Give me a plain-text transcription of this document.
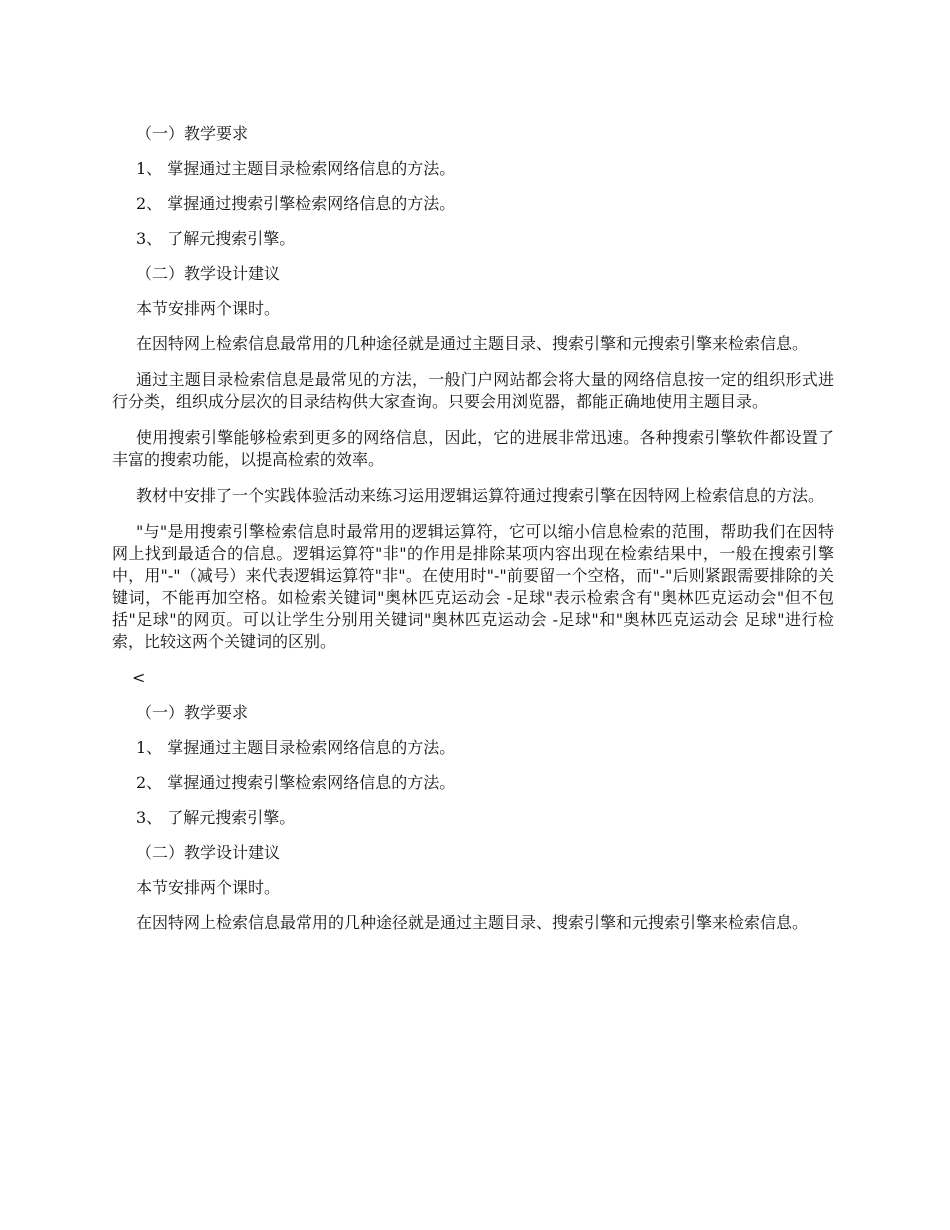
（一）教学要求

1、 掌握通过主题目录检索网络信息的方法。

2、 掌握通过搜索引擎检索网络信息的方法。

3、 了解元搜索引擎。

（二）教学设计建议

本节安排两个课时。

在因特网上检索信息最常用的几种途径就是通过主题目录、搜索引擎和元搜索引擎来检索信息。

通过主题目录检索信息是最常见的方法，一般门户网站都会将大量的网络信息按一定的组织形式进行分类，组织成分层次的目录结构供大家查询。只要会用浏览器，都能正确地使用主题目录。

使用搜索引擎能够检索到更多的网络信息，因此，它的进展非常迅速。各种搜索引擎软件都设置了丰富的搜索功能，以提高检索的效率。

教材中安排了一个实践体验活动来练习运用逻辑运算符通过搜索引擎在因特网上检索信息的方法。

"与"是用搜索引擎检索信息时最常用的逻辑运算符，它可以缩小信息检索的范围，帮助我们在因特网上找到最适合的信息。逻辑运算符"非"的作用是排除某项内容出现在检索结果中，一般在搜索引擎中，用"-"（减号）来代表逻辑运算符"非"。在使用时"-"前要留一个空格，而"-"后则紧跟需要排除的关键词，不能再加空格。如检索关键词"奥林匹克运动会 -足球"表示检索含有"奥林匹克运动会"但不包括"足球"的网页。可以让学生分别用关键词"奥林匹克运动会 -足球"和"奥林匹克运动会 足球"进行检索，比较这两个关键词的区别。

<

（一）教学要求

1、 掌握通过主题目录检索网络信息的方法。

2、 掌握通过搜索引擎检索网络信息的方法。

3、 了解元搜索引擎。

（二）教学设计建议

本节安排两个课时。

在因特网上检索信息最常用的几种途径就是通过主题目录、搜索引擎和元搜索引擎来检索信息。
